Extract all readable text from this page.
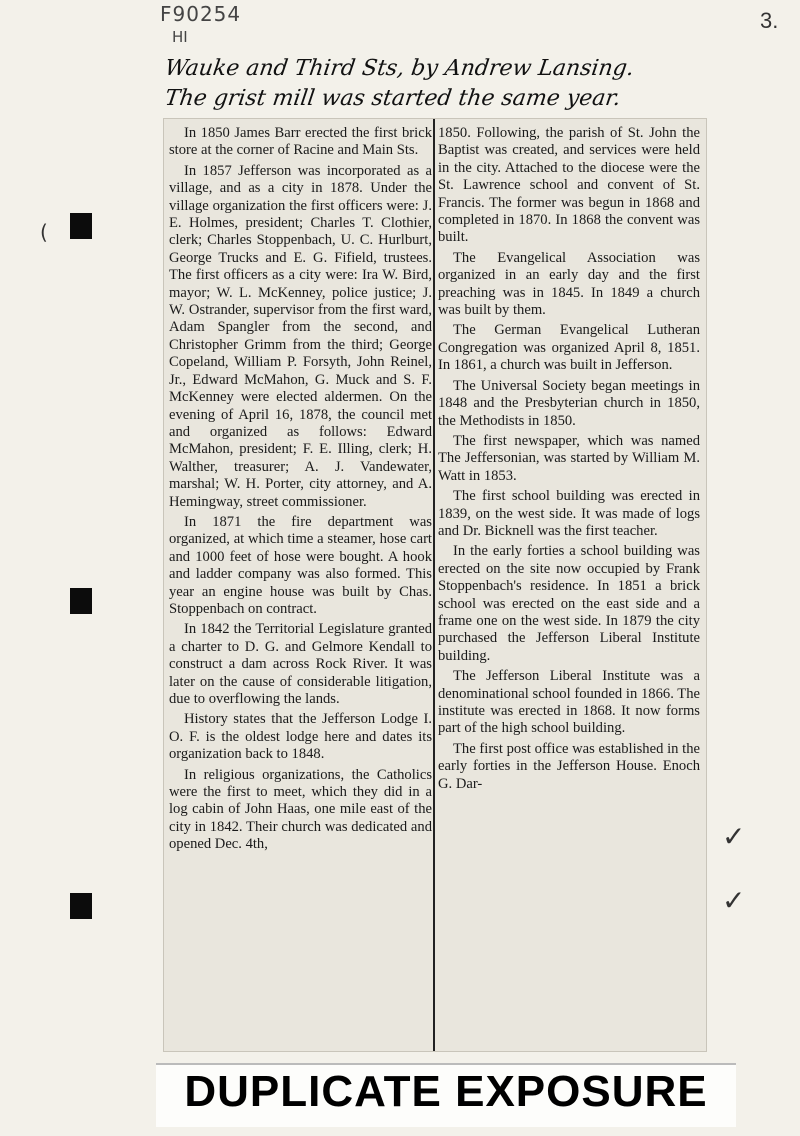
F90254
HI
3.
Wauke and Third Sts, by Andrew Lansing.
The grist mill was started the same year.
(

In 1850 James Barr erected the first brick store at the corner of Racine and Main Sts.

In 1857 Jefferson was incorporated as a village, and as a city in 1878. Under the village organization the first officers were: J. E. Holmes, president; Charles T. Clothier, clerk; Charles Stoppenbach, U. C. Hurlburt, George Trucks and E. G. Fifield, trustees. The first officers as a city were: Ira W. Bird, mayor; W. L. McKenney, police justice; J. W. Ostrander, supervisor from the first ward, Adam Spangler from the second, and Christopher Grimm from the third; George Copeland, William P. Forsyth, John Reinel, Jr., Edward McMahon, G. Muck and S. F. McKenney were elected aldermen. On the evening of April 16, 1878, the council met and organized as follows: Edward McMahon, president; F. E. Illing, clerk; H. Walther, treasurer; A. J. Vandewater, marshal; W. H. Porter, city attorney, and A. Hemingway, street commissioner.

In 1871 the fire department was organized, at which time a steamer, hose cart and 1000 feet of hose were bought. A hook and ladder company was also formed. This year an engine house was built by Chas. Stoppenbach on contract.

In 1842 the Territorial Legislature granted a charter to D. G. and Gelmore Kendall to construct a dam across Rock River. It was later on the cause of considerable litigation, due to overflowing the lands.

History states that the Jefferson Lodge I. O. F. is the oldest lodge here and dates its organization back to 1848.

In religious organizations, the Catholics were the first to meet, which they did in a log cabin of John Haas, one mile east of the city in 1842. Their church was dedicated and opened Dec. 4th,

1850. Following, the parish of St. John the Baptist was created, and services were held in the city. Attached to the diocese were the St. Lawrence school and convent of St. Francis. The former was begun in 1868 and completed in 1870. In 1868 the convent was built.

The Evangelical Association was organized in an early day and the first preaching was in 1845. In 1849 a church was built by them.

The German Evangelical Lutheran Congregation was organized April 8, 1851. In 1861, a church was built in Jefferson.

The Universal Society began meetings in 1848 and the Presbyterian church in 1850, the Methodists in 1850.

The first newspaper, which was named The Jeffersonian, was started by William M. Watt in 1853.

The first school building was erected in 1839, on the west side. It was made of logs and Dr. Bicknell was the first teacher.

In the early forties a school building was erected on the site now occupied by Frank Stoppenbach's residence. In 1851 a brick school was erected on the east side and a frame one on the west side. In 1879 the city purchased the Jefferson Liberal Institute building.

The Jefferson Liberal Institute was a denominational school founded in 1866. The institute was erected in 1868. It now forms part of the high school building.

The first post office was established in the early forties in the Jefferson House. Enoch G. Dar-

✓
✓
DUPLICATE EXPOSURE
